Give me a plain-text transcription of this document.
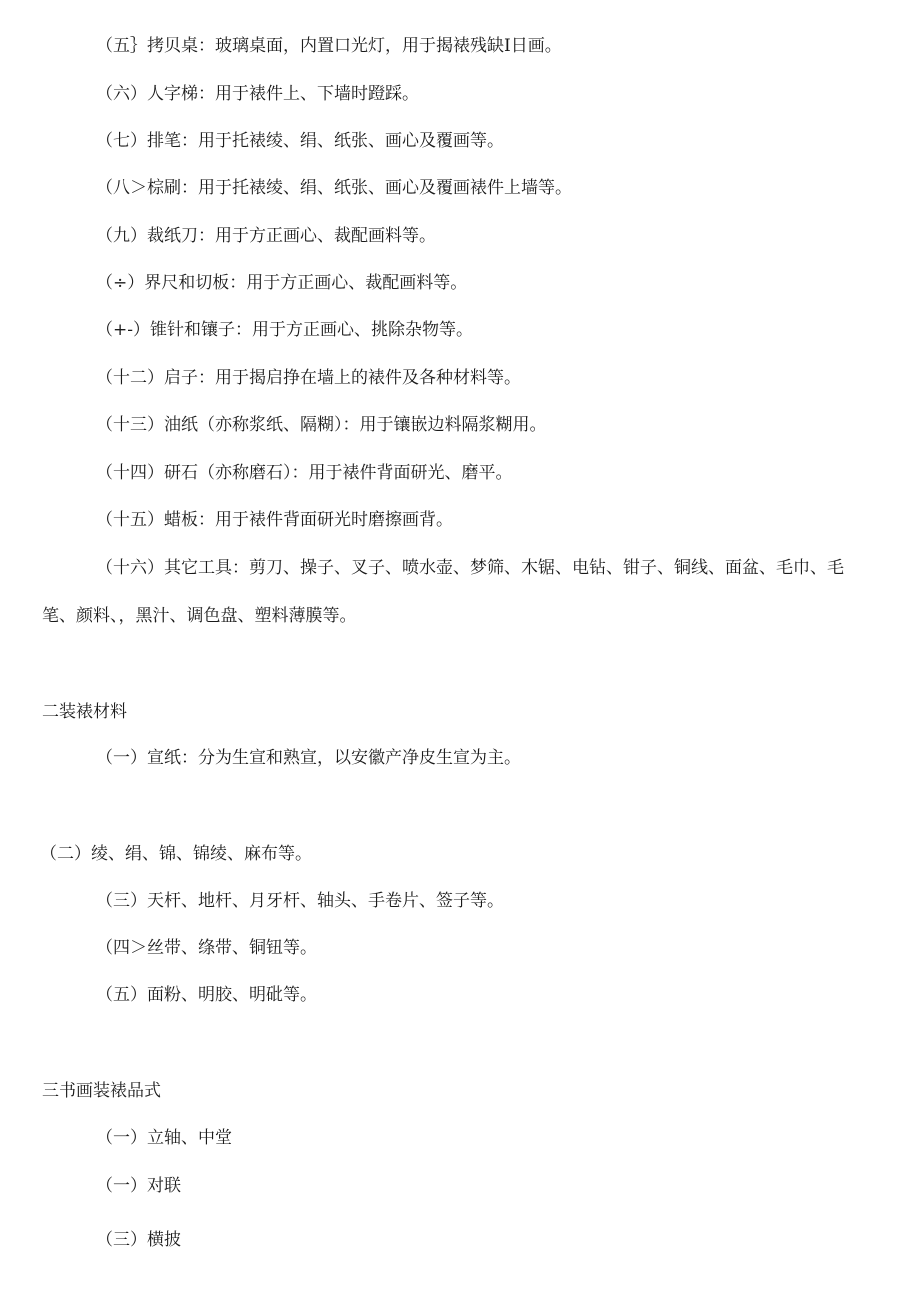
（五｝拷贝桌：玻璃桌面，内置口光灯，用于揭裱残缺Ⅰ日画。
（六）人字梯：用于裱件上、下墙时蹬踩。
（七）排笔：用于托裱绫、绢、纸张、画心及覆画等。
（八＞棕刷：用于托裱绫、绢、纸张、画心及覆画裱件上墙等。
（九）裁纸刀：用于方正画心、裁配画料等。
（÷）界尺和切板：用于方正画心、裁配画料等。
（+-）锥针和镶子：用于方正画心、挑除杂物等。
（十二）启子：用于揭启挣在墙上的裱件及各种材料等。
（十三）油纸（亦称浆纸、隔糊）：用于镶嵌边料隔浆糊用。
（十四）研石（亦称磨石）：用于裱件背面研光、磨平。
（十五）蜡板：用于裱件背面研光时磨擦画背。
（十六）其它工具：剪刀、操子、叉子、喷水壶、梦筛、木锯、电钻、钳子、铜线、面盆、毛巾、毛笔、颜料、，黑汁、调色盘、塑料薄膜等。
二装裱材料
（一）宣纸：分为生宣和熟宣，以安徽产净皮生宣为主。
（二）绫、绢、锦、锦绫、麻布等。
（三）天杆、地杆、月牙杆、轴头、手卷片、签子等。
（四＞丝带、绦带、铜钮等。
（五）面粉、明胶、明砒等。
三书画装裱品式
（一）立轴、中堂
（一）对联
（三）横披
